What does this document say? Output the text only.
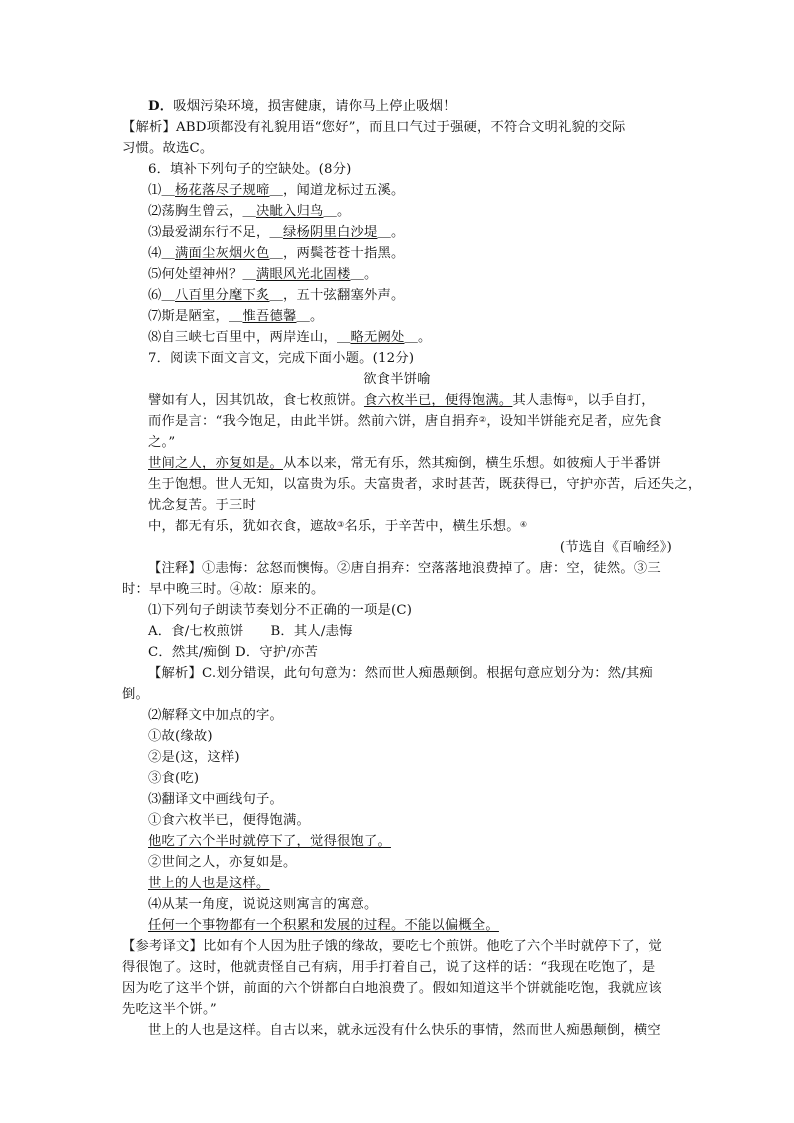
D．吸烟污染环境，损害健康，请你马上停止吸烟！
【解析】ABD项都没有礼貌用语“您好”，而且口气过于强硬，不符合文明礼貌的交际
习惯。故选C。
6．填补下列句子的空缺处。(8分)
⑴＿杨花落尽子规啼＿，闻道龙标过五溪。
⑵荡胸生曾云，＿决眦入归鸟＿。
⑶最爱湖东行不足，＿绿杨阴里白沙堤＿。
⑷＿满面尘灰烟火色＿，两鬓苍苍十指黑。
⑸何处望神州？＿满眼风光北固楼＿。
⑹＿八百里分麾下炙＿，五十弦翻塞外声。
⑺斯是陋室，＿惟吾德馨＿。
⑻自三峡七百里中，两岸连山，＿略无阙处＿。
7．阅读下面文言文，完成下面小题。(12分)
欲食半饼喻
譬如有人，因其饥故，食七枚煎饼。食六枚半已，便得饱满。其人恚悔①，以手自打，
而作是言：“我今饱足，由此半饼。然前六饼，唐自捐弃②，设知半饼能充足者，应先食
之。”
世间之人，亦复如是。从本以来，常无有乐，然其痴倒，横生乐想。如彼痴人于半番饼
生于饱想。世人无知，以富贵为乐。夫富贵者，求时甚苦，既获得已，守护亦苦，后还失之，
忧念复苦。于三时
中，都无有乐，犹如衣食，遮故③名乐，于辛苦中，横生乐想。④
(节选自《百喻经》)
【注释】①恚悔：忿怒而懊悔。②唐自捐弃：空落落地浪费掉了。唐：空，徒然。③三
时：早中晚三时。④故：原来的。
⑴下列句子朗读节奏划分不正确的一项是(C)
A．食/七枚煎饼　　B．其人/恚悔
C．然其/痴倒 D．守护/亦苦
【解析】C.划分错误，此句句意为：然而世人痴愚颠倒。根据句意应划分为：然/其痴
倒。
⑵解释文中加点的字。
①故(缘故)
②是(这，这样)
③食(吃)
⑶翻译文中画线句子。
①食六枚半已，便得饱满。
他吃了六个半时就停下了，觉得很饱了。
②世间之人，亦复如是。
世上的人也是这样。
⑷从某一角度，说说这则寓言的寓意。
任何一个事物都有一个积累和发展的过程。不能以偏概全。
【参考译文】比如有个人因为肚子饿的缘故，要吃七个煎饼。他吃了六个半时就停下了，觉
得很饱了。这时，他就责怪自己有病，用手打着自己，说了这样的话：“我现在吃饱了，是
因为吃了这半个饼，前面的六个饼都白白地浪费了。假如知道这半个饼就能吃饱，我就应该
先吃这半个饼。”
世上的人也是这样。自古以来，就永远没有什么快乐的事情，然而世人痴愚颠倒，横空
